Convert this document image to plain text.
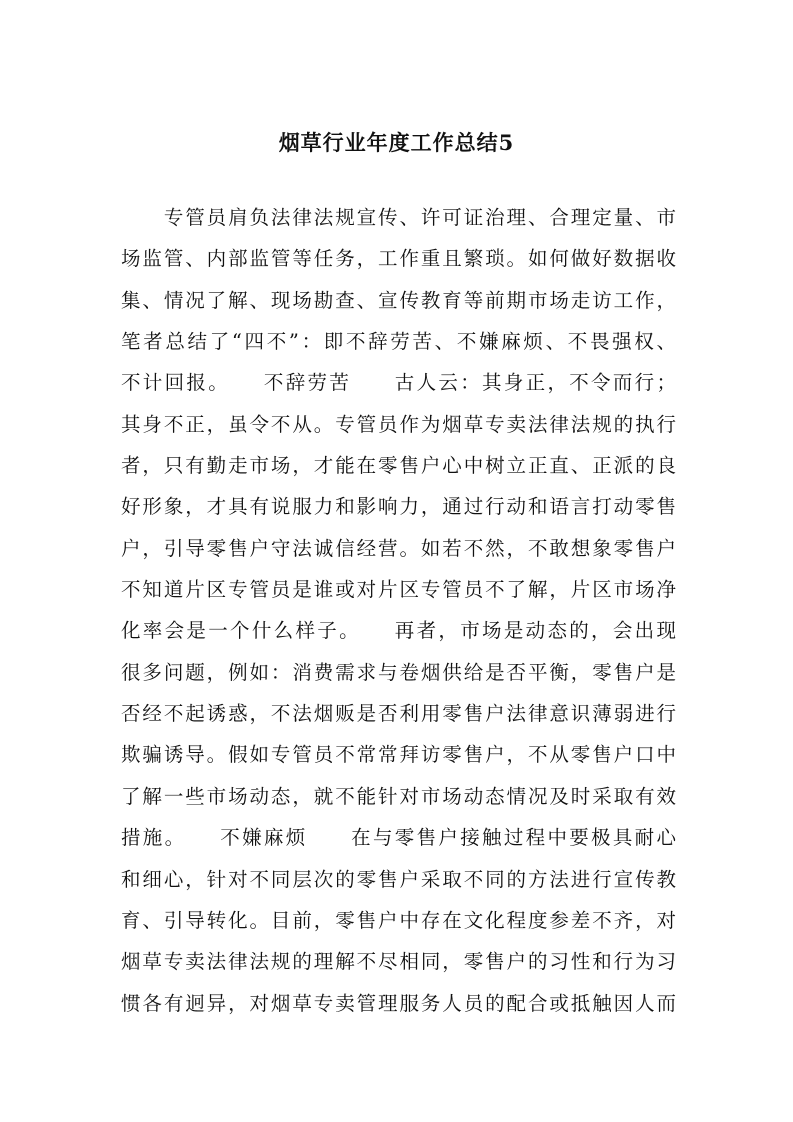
烟草行业年度工作总结5
　　专管员肩负法律法规宣传、许可证治理、合理定量、市
场监管、内部监管等任务，工作重且繁琐。如何做好数据收
集、情况了解、现场勘查、宣传教育等前期市场走访工作，
笔者总结了“四不”：即不辞劳苦、不嫌麻烦、不畏强权、
不计回报。　　不辞劳苦　　古人云：其身正，不令而行；
其身不正，虽令不从。专管员作为烟草专卖法律法规的执行
者，只有勤走市场，才能在零售户心中树立正直、正派的良
好形象，才具有说服力和影响力，通过行动和语言打动零售
户，引导零售户守法诚信经营。如若不然，不敢想象零售户
不知道片区专管员是谁或对片区专管员不了解，片区市场净
化率会是一个什么样子。　　再者，市场是动态的，会出现
很多问题，例如：消费需求与卷烟供给是否平衡，零售户是
否经不起诱惑，不法烟贩是否利用零售户法律意识薄弱进行
欺骗诱导。假如专管员不常常拜访零售户，不从零售户口中
了解一些市场动态，就不能针对市场动态情况及时采取有效
措施。　　不嫌麻烦　　在与零售户接触过程中要极具耐心
和细心，针对不同层次的零售户采取不同的方法进行宣传教
育、引导转化。目前，零售户中存在文化程度参差不齐，对
烟草专卖法律法规的理解不尽相同，零售户的习性和行为习
惯各有迥异，对烟草专卖管理服务人员的配合或抵触因人而
